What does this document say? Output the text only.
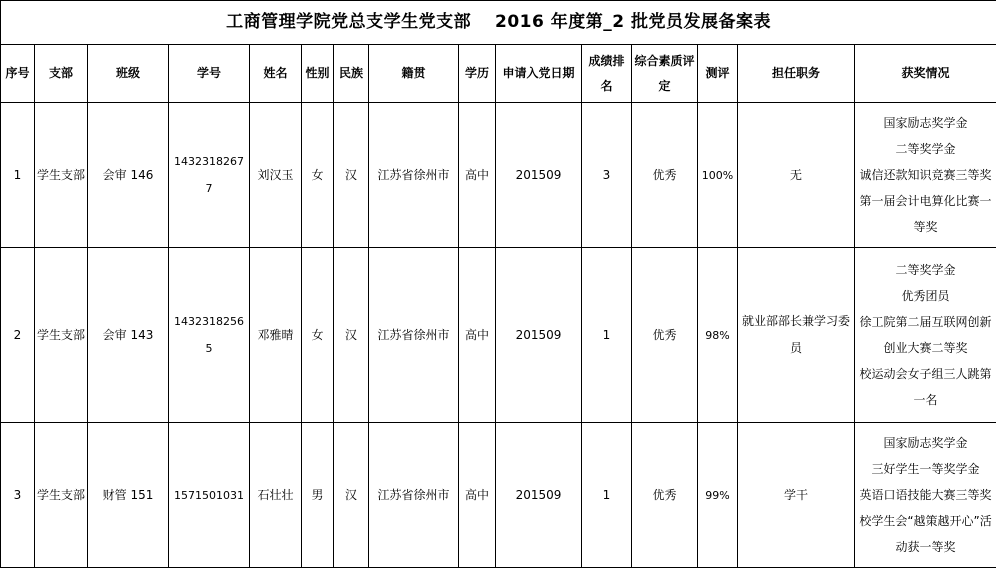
工商管理学院党总支学生党支部　 2016 年度第_2 批党员发展备案表														
序号	支部	班级	学号	姓名	性别	民族	籍贯	学历	申请入党日期	成绩排名	综合素质评定	测评	担任职务	获奖情况
1	学生支部	会审 146	14323182677	刘汉玉	女	汉	江苏省徐州市	高中	201509	3	优秀	100%	无	国家励志奖学金
二等奖学金
诚信还款知识竞赛三等奖
第一届会计电算化比赛一等奖

2	学生支部	会审 143	14323182565	邓雅晴	女	汉	江苏省徐州市	高中	201509	1	优秀	98%	就业部部长兼学习委员	二等奖学金
优秀团员
徐工院第二届互联网创新创业大赛二等奖
校运动会女子组三人跳第一名

3	学生支部	财管 151	1571501031	石壮壮	男	汉	江苏省徐州市	高中	201509	1	优秀	99%	学干	国家励志奖学金
三好学生一等奖学金
英语口语技能大赛三等奖
校学生会“越策越开心”活动获一等奖
